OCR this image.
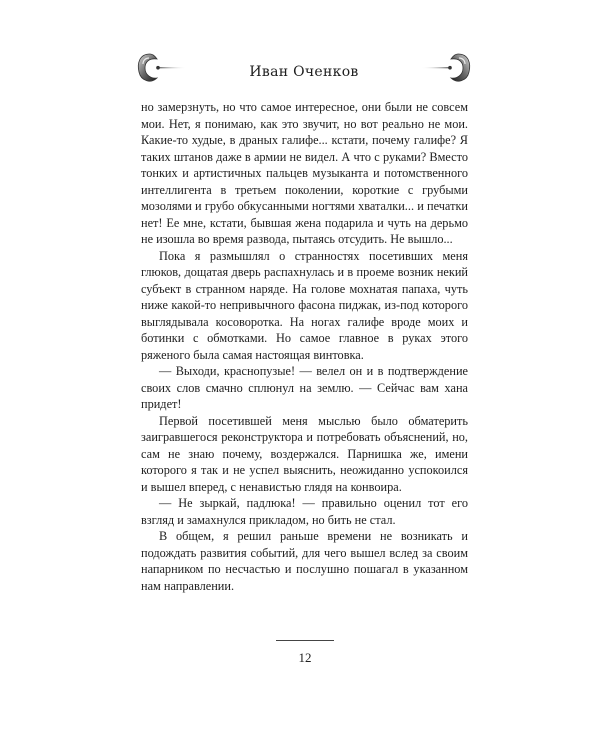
Иван Оченков

но замерзнуть, но что самое интересное, они были не совсем мои. Нет, я понимаю, как это звучит, но вот реально не мои. Какие-то худые, в драных галифе... кстати, почему галифе? Я таких штанов даже в армии не видел. А что с руками? Вместо тонких и артистичных пальцев музыканта и потомственного интеллигента в третьем поколении, короткие с грубыми мозолями и грубо обкусанными ногтями хваталки... и печатки нет! Ее мне, кстати, бывшая жена подарила и чуть на дерьмо не изошла во время развода, пытаясь отсудить. Не вышло...

Пока я размышлял о странностях посетивших меня глюков, дощатая дверь распахнулась и в проеме возник некий субъект в странном наряде. На голове мохнатая папаха, чуть ниже какой-то непривычного фасона пиджак, из-под которого выглядывала косоворотка. На ногах галифе вроде моих и ботинки с обмотками. Но самое главное в руках этого ряженого была самая настоящая винтовка.

— Выходи, краснопузые! — велел он и в подтверждение своих слов смачно сплюнул на землю. — Сейчас вам хана придет!

Первой посетившей меня мыслью было обматерить заигравшегося реконструктора и потребовать объяснений, но, сам не знаю почему, воздержался. Парнишка же, имени которого я так и не успел выяснить, неожиданно успокоился и вышел вперед, с ненавистью глядя на конвоира.

— Не зыркай, падлюка! — правильно оценил тот его взгляд и замахнулся прикладом, но бить не стал.

В общем, я решил раньше времени не возникать и подождать развития событий, для чего вышел вслед за своим напарником по несчастью и послушно пошагал в указанном нам направлении.

12
